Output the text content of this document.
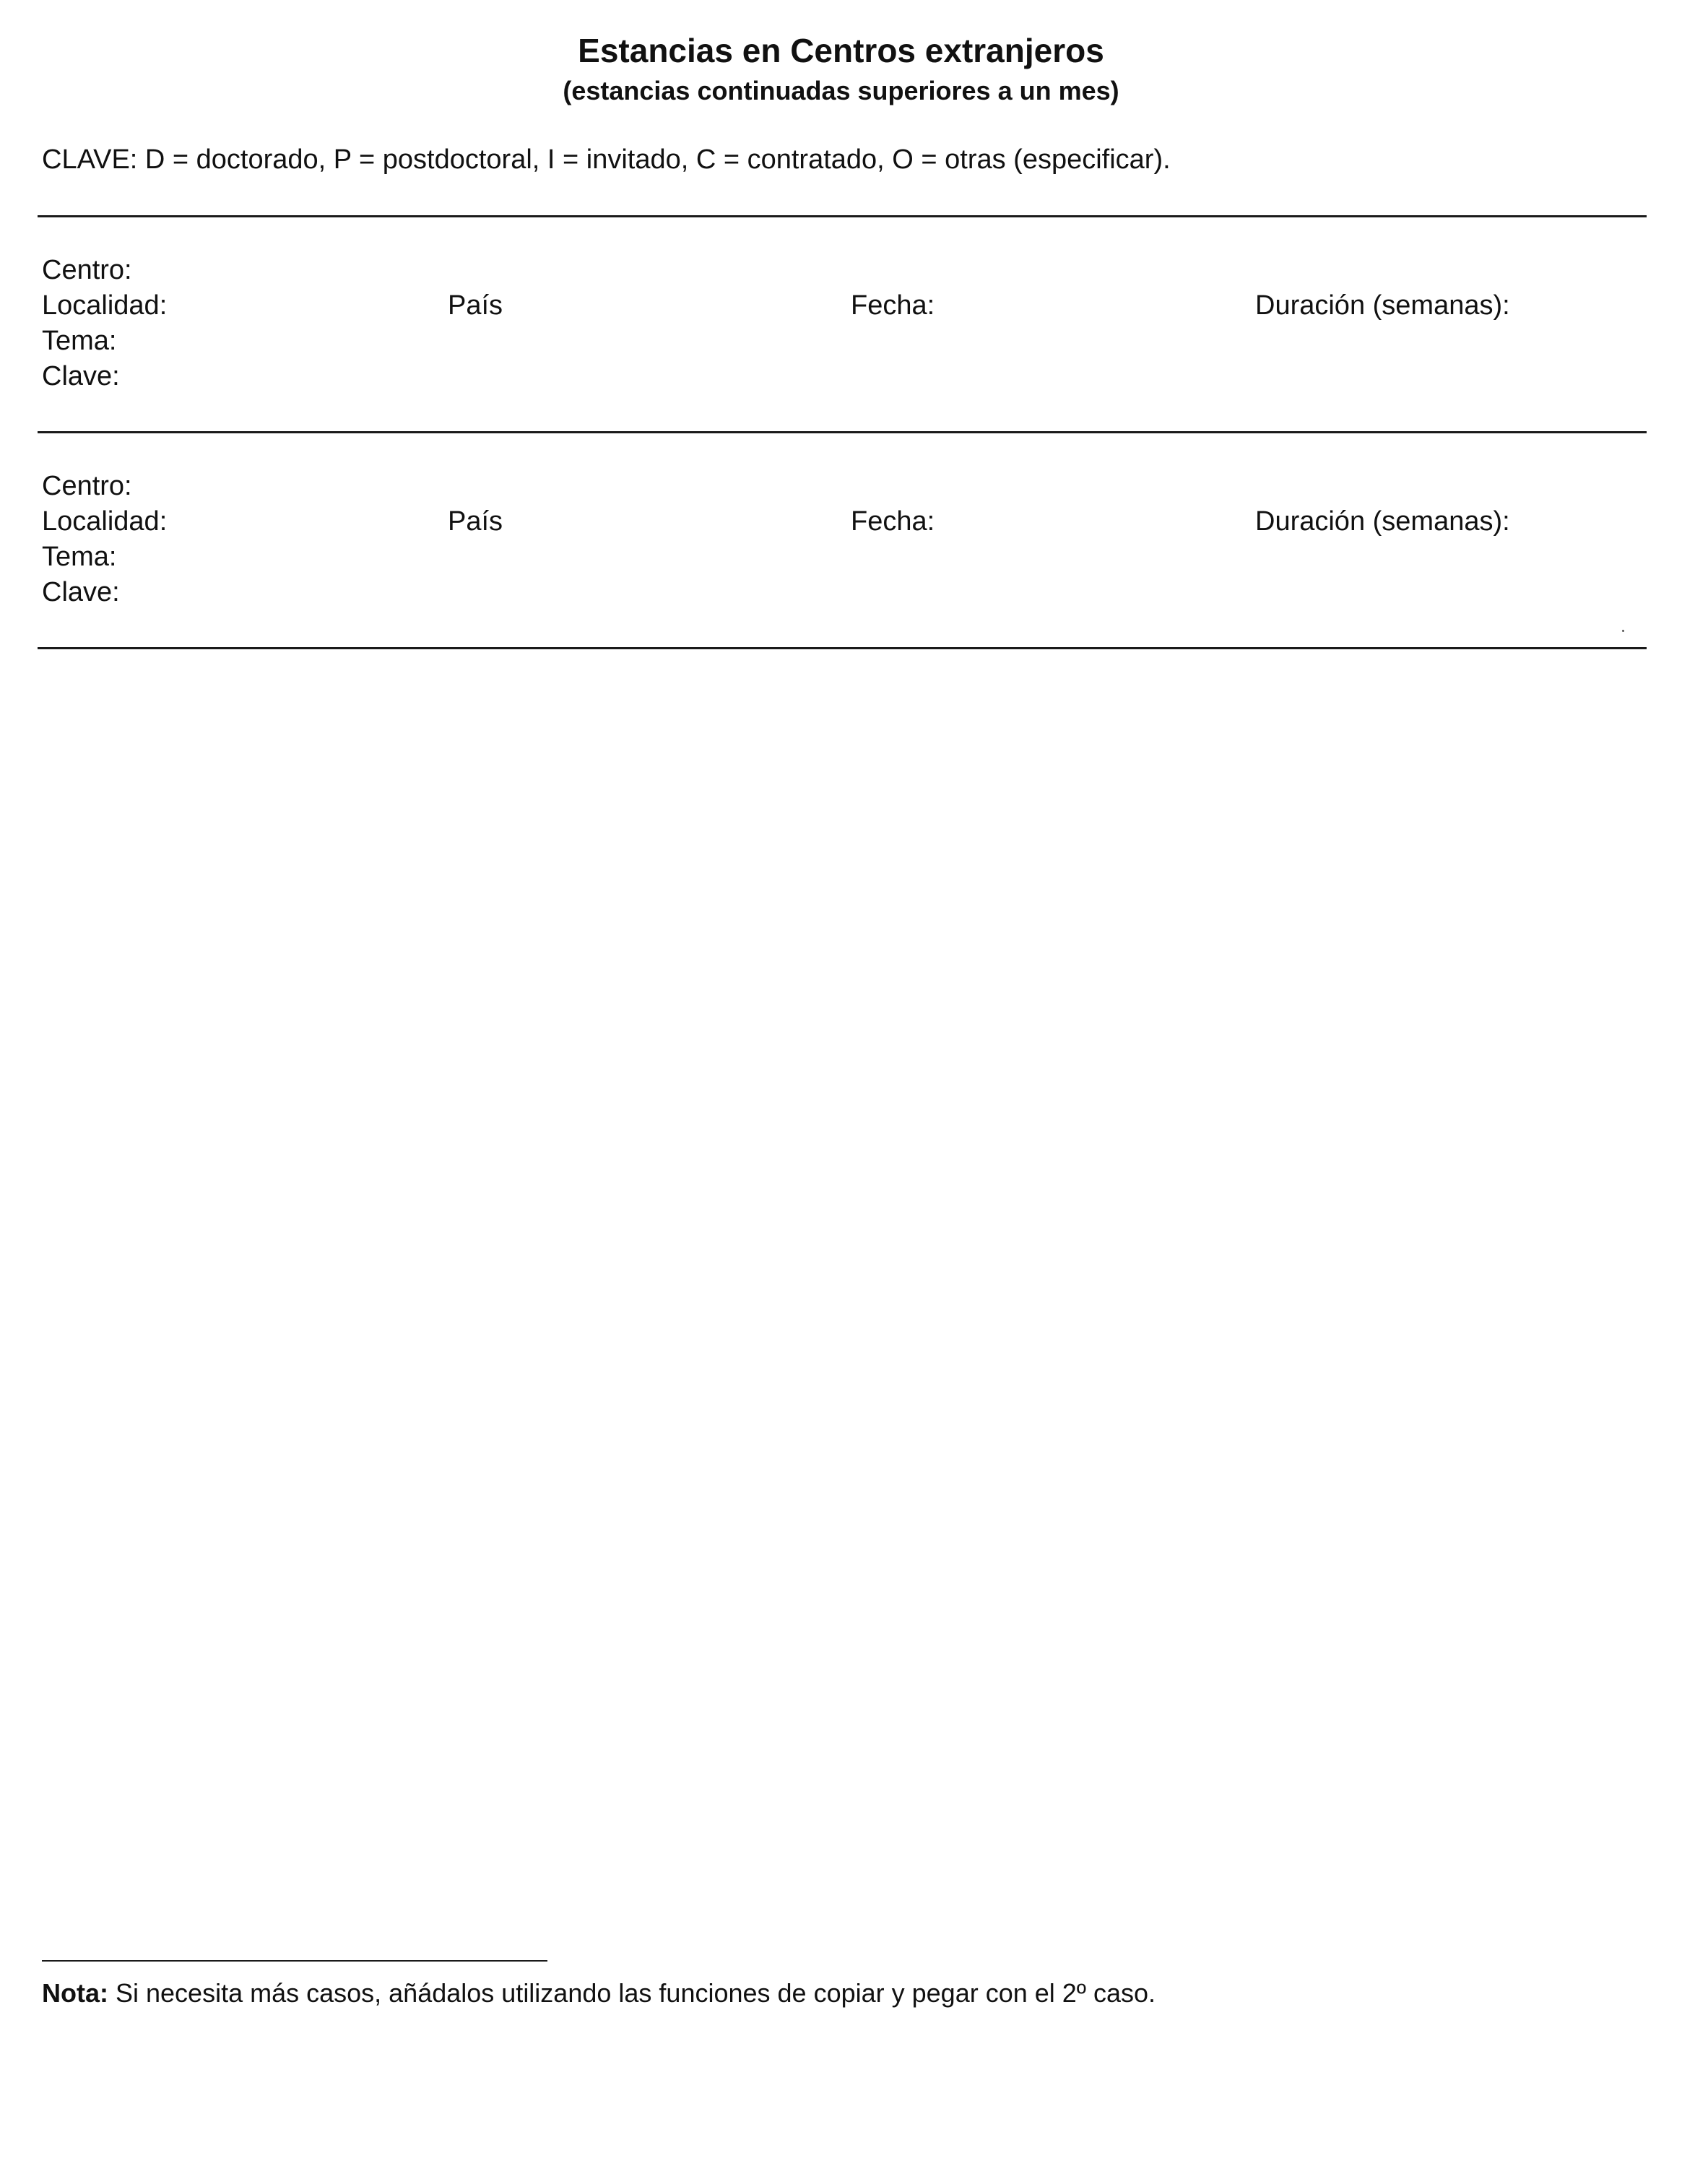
Estancias en Centros extranjeros
(estancias continuadas superiores a un mes)
CLAVE: D = doctorado, P = postdoctoral, I = invitado, C = contratado, O = otras (especificar).
Centro:
Localidad:	País	Fecha:	Duración (semanas):
Tema:
Clave:
Centro:
Localidad:	País	Fecha:	Duración (semanas):
Tema:
Clave:
Nota: Si necesita más casos, añádalos utilizando las funciones de copiar y pegar con el 2º caso.
